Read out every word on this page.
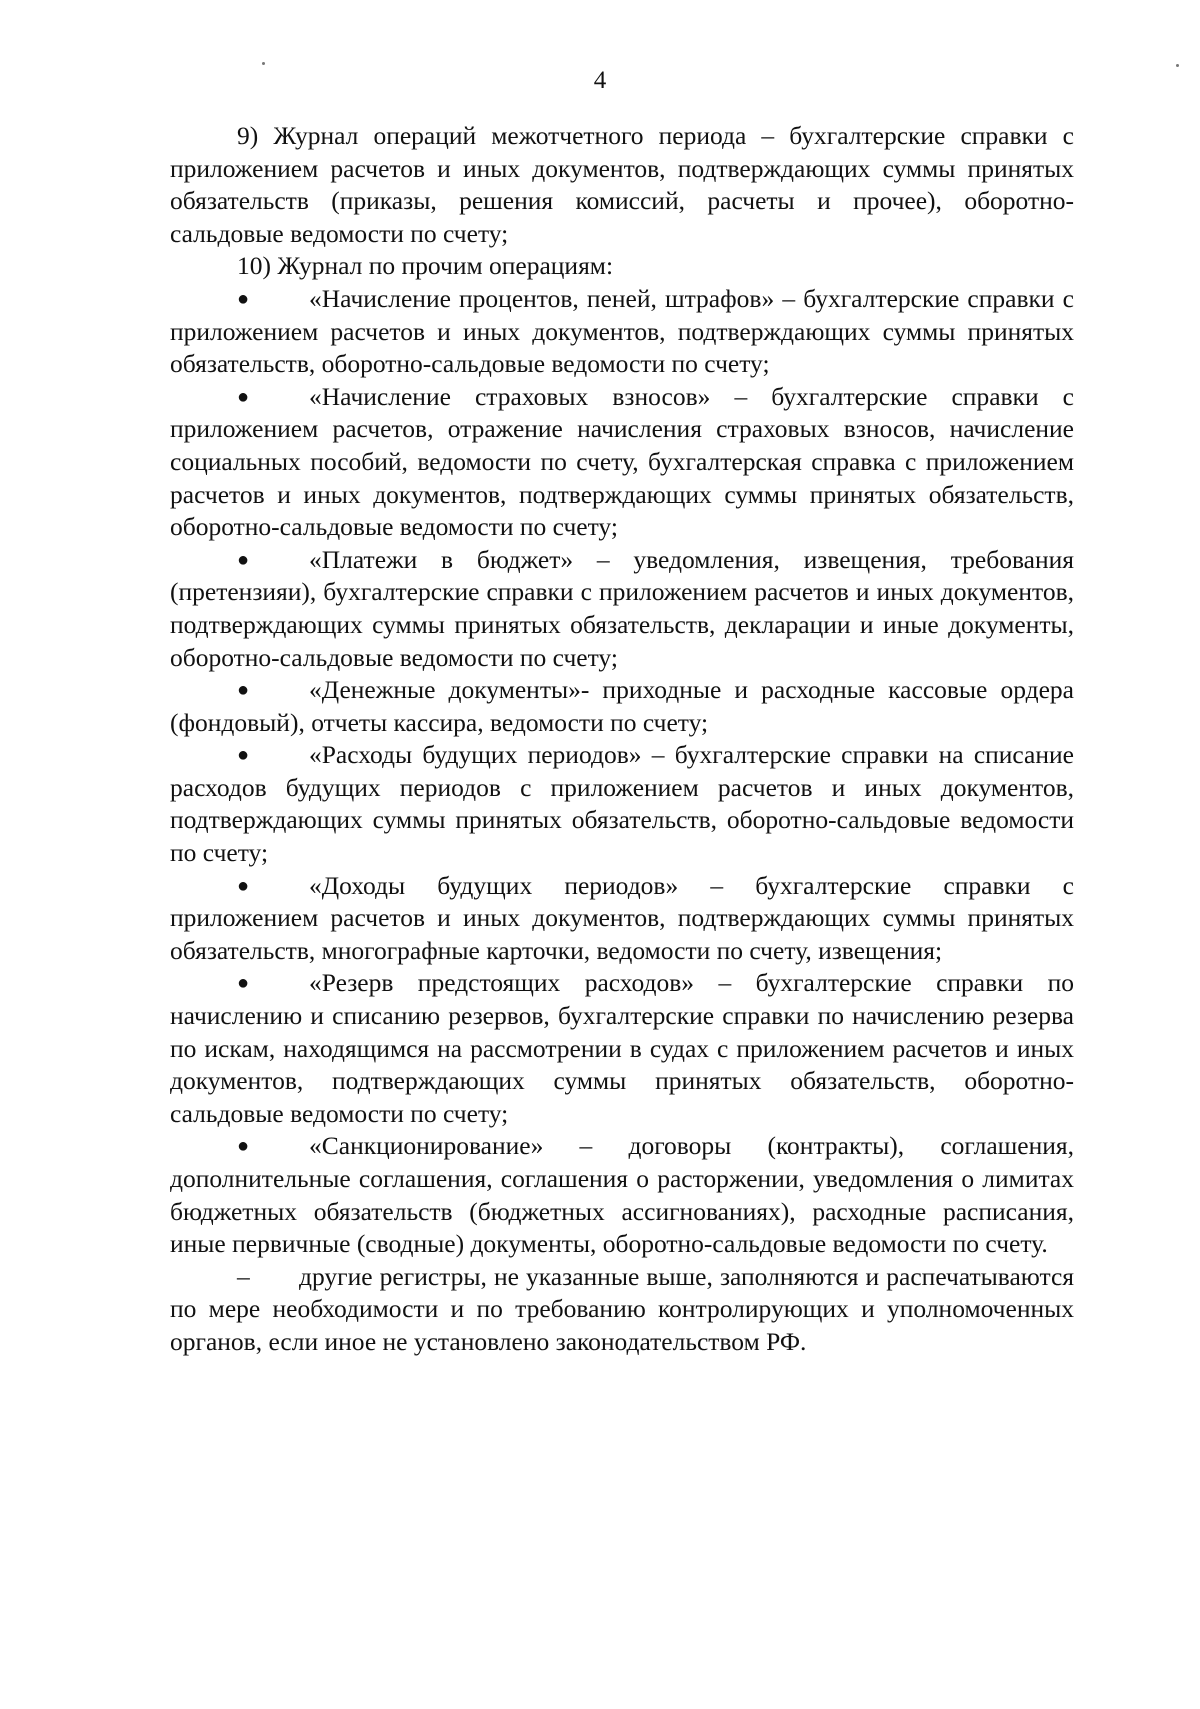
4

9) Журнал операций межотчетного периода – бухгалтерские справки с приложением расчетов и иных документов, подтверждающих суммы принятых обязательств (приказы, решения комиссий, расчеты и прочее), оборотно-сальдовые ведомости по счету;

10) Журнал по прочим операциям:

● «Начисление процентов, пеней, штрафов» – бухгалтерские справки с приложением расчетов и иных документов, подтверждающих суммы принятых обязательств, оборотно-сальдовые ведомости по счету;

● «Начисление страховых взносов» – бухгалтерские справки с приложением расчетов, отражение начисления страховых взносов, начисление социальных пособий, ведомости по счету, бухгалтерская справка с приложением расчетов и иных документов, подтверждающих суммы принятых обязательств, оборотно-сальдовые ведомости по счету;

● «Платежи в бюджет» – уведомления, извещения, требования (претензияи), бухгалтерские справки с приложением расчетов и иных документов, подтверждающих суммы принятых обязательств, декларации и иные документы, оборотно-сальдовые ведомости по счету;

● «Денежные документы»- приходные и расходные кассовые ордера (фондовый), отчеты кассира, ведомости по счету;

● «Расходы будущих периодов» – бухгалтерские справки на списание расходов будущих периодов с приложением расчетов и иных документов, подтверждающих суммы принятых обязательств, оборотно-сальдовые ведомости по счету;

● «Доходы будущих периодов» – бухгалтерские справки с приложением расчетов и иных документов, подтверждающих суммы принятых обязательств, многографные карточки, ведомости по счету, извещения;

● «Резерв предстоящих расходов» – бухгалтерские справки по начислению и списанию резервов, бухгалтерские справки по начислению резерва по искам, находящимся на рассмотрении в судах с приложением расчетов и иных документов, подтверждающих суммы принятых обязательств, оборотно-сальдовые ведомости по счету;

● «Санкционирование» – договоры (контракты), соглашения, дополнительные соглашения, соглашения о расторжении, уведомления о лимитах бюджетных обязательств (бюджетных ассигнованиях), расходные расписания, иные первичные (сводные) документы, оборотно-сальдовые ведомости по счету.

– другие регистры, не указанные выше, заполняются и распечатываются по мере необходимости и по требованию контролирующих и уполномоченных органов, если иное не установлено законодательством РФ.
